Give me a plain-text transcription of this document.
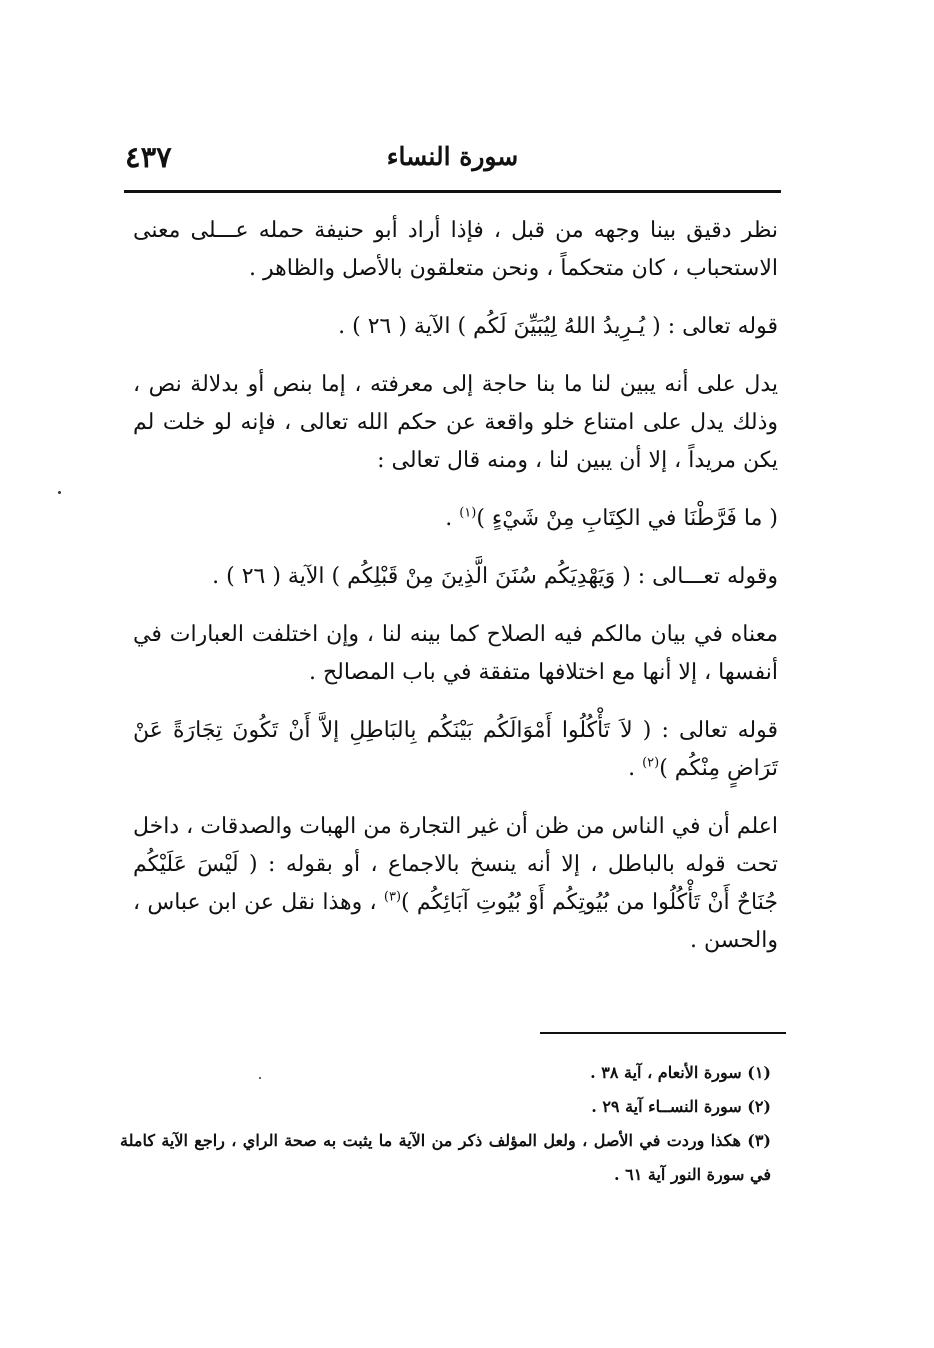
سورة النساء
٤٣٧

نظر دقيق بينا وجهه من قبل ، فإذا أراد أبو حنيفة حمله عـــلى معنى الاستحباب ، كان متحكماً ، ونحن متعلقون بالأصل والظاهر .

قوله تعالى : ( يُـرِيدُ اللهُ لِيُبَيِّنَ لَكُم ) الآية ( ٢٦ ) .

يدل على أنه يبين لنا ما بنا حاجة إلى معرفته ، إما بنص أو بدلالة نص ، وذلك يدل على امتناع خلو واقعة عن حكم الله تعالى ، فإنه لو خلت لم يكن مريداً ، إلا أن يبين لنا ، ومنه قال تعالى :

( ما فَرَّطْنَا في الكِتَابِ مِنْ شَيْءٍ )$^{(١)}$ .

وقوله تعـــالى : ( وَيَهْدِيَكُم سُنَنَ الَّذِينَ مِنْ قَبْلِكُم ) الآية ( ٢٦ ) .

معناه في بيان مالكم فيه الصلاح كما بينه لنا ، وإن اختلفت العبارات في أنفسها ، إلا أنها مع اختلافها متفقة في باب المصالح .

قوله تعالى : ( لاَ تَأْكُلُوا أَمْوَالَكُم بَيْنَكُم بِالبَاطِلِ إلاَّ أَنْ تَكُونَ تِجَارَةً عَنْ تَرَاضٍ مِنْكُم )$^{(٢)}$ .

اعلم أن في الناس من ظن أن غير التجارة من الهبات والصدقات ، داخل تحت قوله بالباطل ، إلا أنه ينسخ بالاجماع ، أو بقوله : ( لَيْسَ عَلَيْكُم جُنَاحٌ أَنْ تَأْكُلُوا من بُيُوتِكُم أَوْ بُيُوتِ آبَائِكُم )$^{(٣)}$ ، وهذا نقل عن ابن عباس ، والحسن .

(١) سورة الأنعام ، آية ٣٨ .

(٢) سورة النســاء آية ٢٩ .

(٣) هكذا وردت في الأصل ، ولعل المؤلف ذكر من الآية ما يثبت به صحة الراي ، راجع الآية كاملة في سورة النور آية ٦١ .
